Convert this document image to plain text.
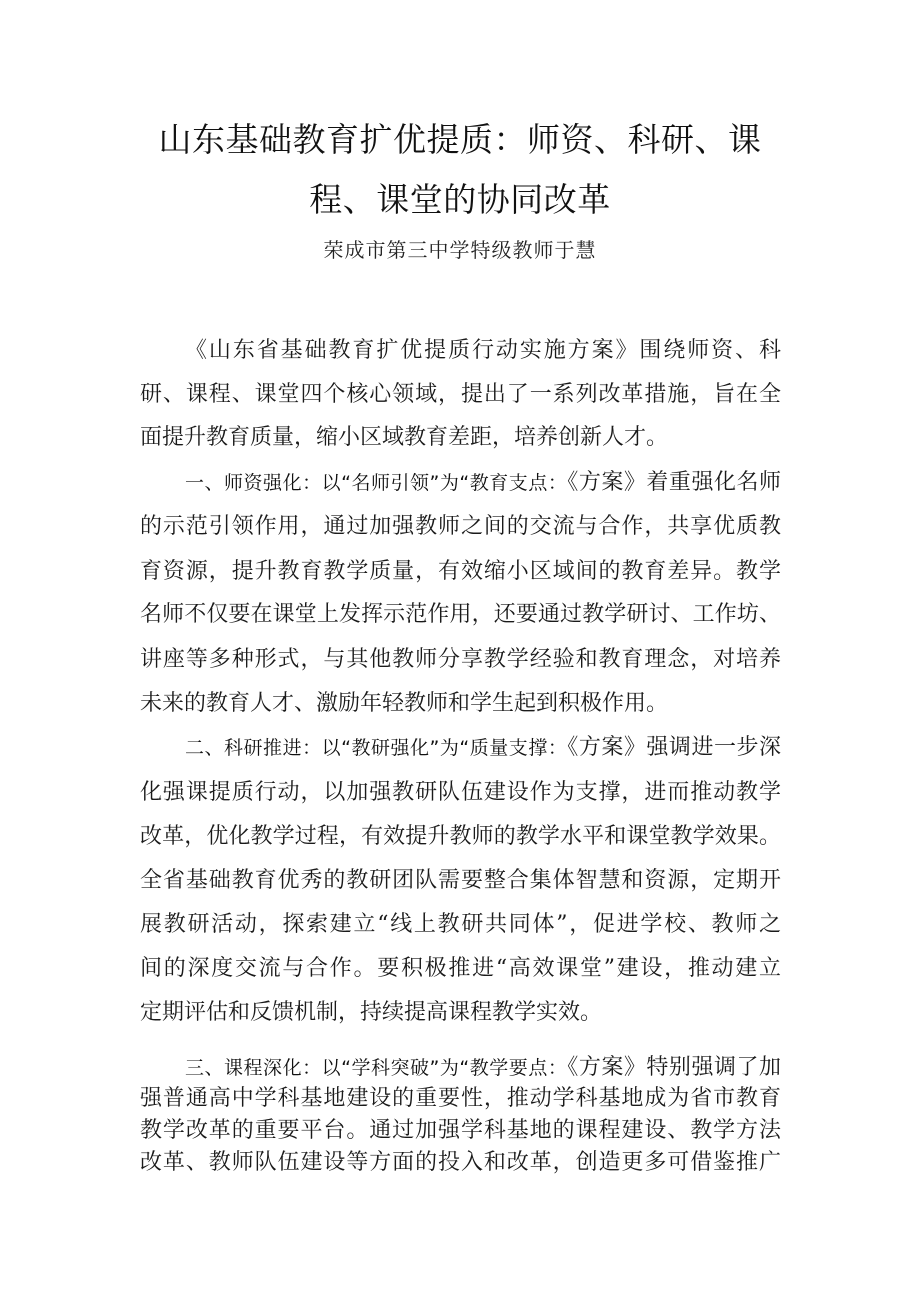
山东基础教育扩优提质：师资、科研、课
程、课堂的协同改革
荣成市第三中学特级教师于慧
《山东省基础教育扩优提质行动实施方案》围绕师资、科
研、课程、课堂四个核心领域，提出了一系列改革措施，旨在全
面提升教育质量，缩小区域教育差距，培养创新人才。
一、师资强化：以“名师引领”为“教育支点：《方案》着重强化名师
的示范引领作用，通过加强教师之间的交流与合作，共享优质教
育资源，提升教育教学质量，有效缩小区域间的教育差异。教学
名师不仅要在课堂上发挥示范作用，还要通过教学研讨、工作坊、
讲座等多种形式，与其他教师分享教学经验和教育理念，对培养
未来的教育人才、激励年轻教师和学生起到积极作用。
二、科研推进：以“教研强化”为“质量支撑：《方案》强调进一步深
化强课提质行动，以加强教研队伍建设作为支撑，进而推动教学
改革，优化教学过程，有效提升教师的教学水平和课堂教学效果。
全省基础教育优秀的教研团队需要整合集体智慧和资源，定期开
展教研活动，探索建立“线上教研共同体”，促进学校、教师之
间的深度交流与合作。要积极推进“高效课堂”建设，推动建立
定期评估和反馈机制，持续提高课程教学实效。
三、课程深化：以“学科突破”为“教学要点：《方案》特别强调了加
强普通高中学科基地建设的重要性，推动学科基地成为省市教育
教学改革的重要平台。通过加强学科基地的课程建设、教学方法
改革、教师队伍建设等方面的投入和改革，创造更多可借鉴推广
